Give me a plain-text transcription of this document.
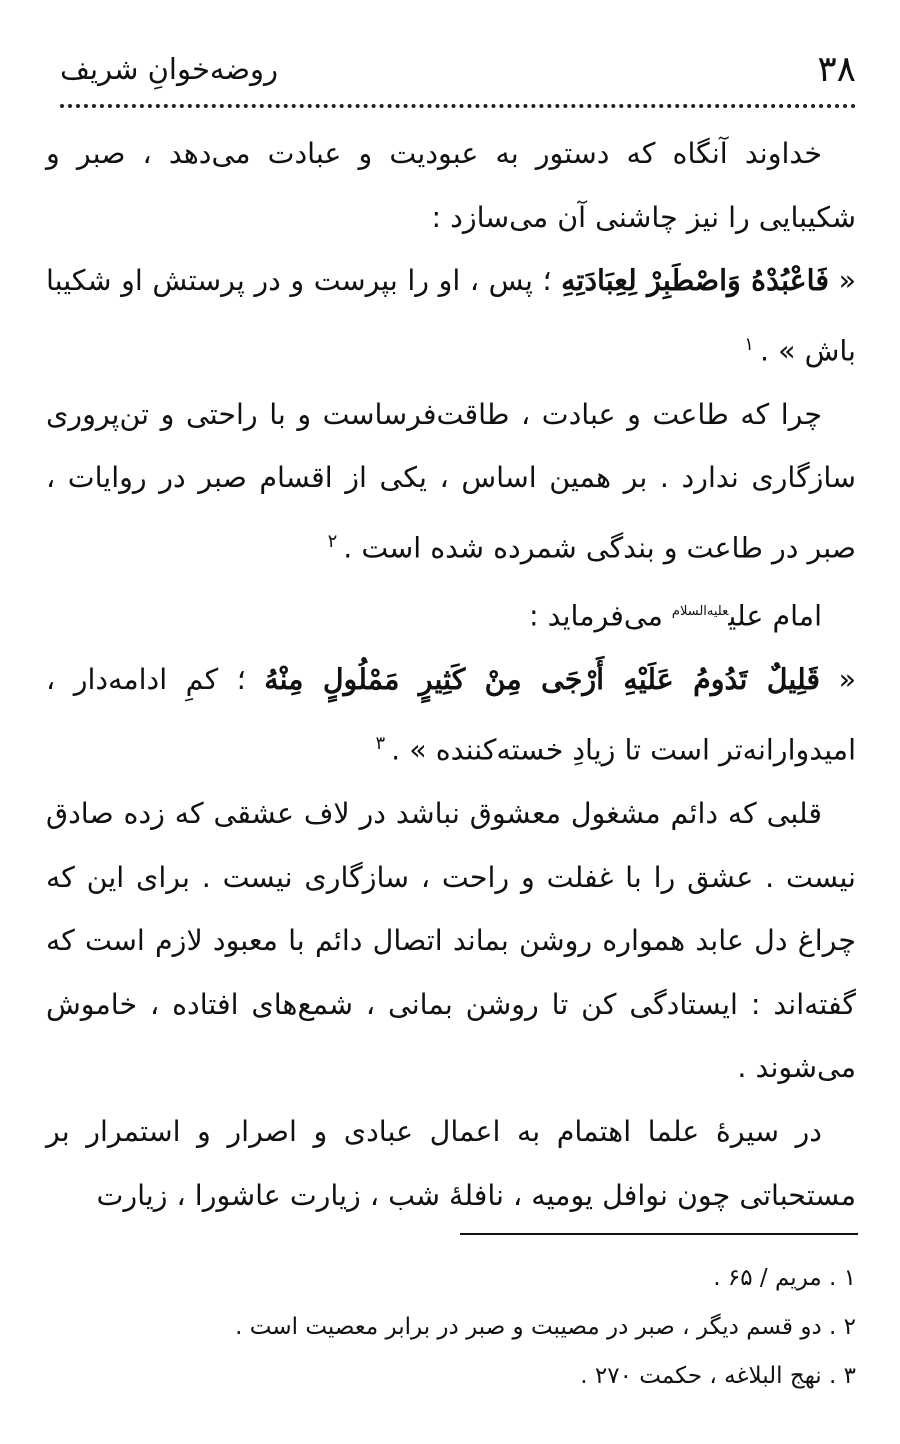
۳۸
روضه‌خوانِ شریف

خداوند آنگاه که دستور به عبودیت و عبادت می‌دهد ، صبر و شکیبایی را نیز چاشنی آن می‌سازد :

« فَاعْبُدْهُ وَاصْطَبِرْ لِعِبَادَتِهِ ؛ پس ، او را بپرست و در پرستش او شکیبا باش » .$^۱$

چرا که طاعت و عبادت ، طاقت‌فرساست و با راحتی و تن‌پروری سازگاری ندارد . بر همین اساس ، یکی از اقسام صبر در روایات ، صبر در طاعت و بندگی شمرده شده است .$^۲$

امام علی$^{علیه‌السلام}$ می‌فرماید :

« قَلِيلٌ تَدُومُ عَلَيْهِ أَرْجَى مِنْ كَثِيرٍ مَمْلُولٍ مِنْهُ ؛ کمِ ادامه‌دار ، امیدوارانه‌تر است تا زیادِ خسته‌کننده » .$^۳$

قلبی که دائم مشغول معشوق نباشد در لاف عشقی که زده صادق نیست . عشق را با غفلت و راحت ، سازگاری نیست . برای این که چراغ دل عابد همواره روشن بماند اتصال دائم با معبود لازم است که گفته‌اند : ایستادگی کن تا روشن بمانی ، شمع‌های افتاده ، خاموش می‌شوند .

در سیرهٔ علما اهتمام به اعمال عبادی و اصرار و استمرار بر مستحباتی چون نوافل یومیه ، نافلهٔ شب ، زیارت عاشورا ، زیارت

۱ . مریم / ۶۵ .

۲ . دو قسم دیگر ، صبر در مصیبت و صبر در برابر معصیت است .

۳ . نهج البلاغه ، حکمت ۲۷۰ .
